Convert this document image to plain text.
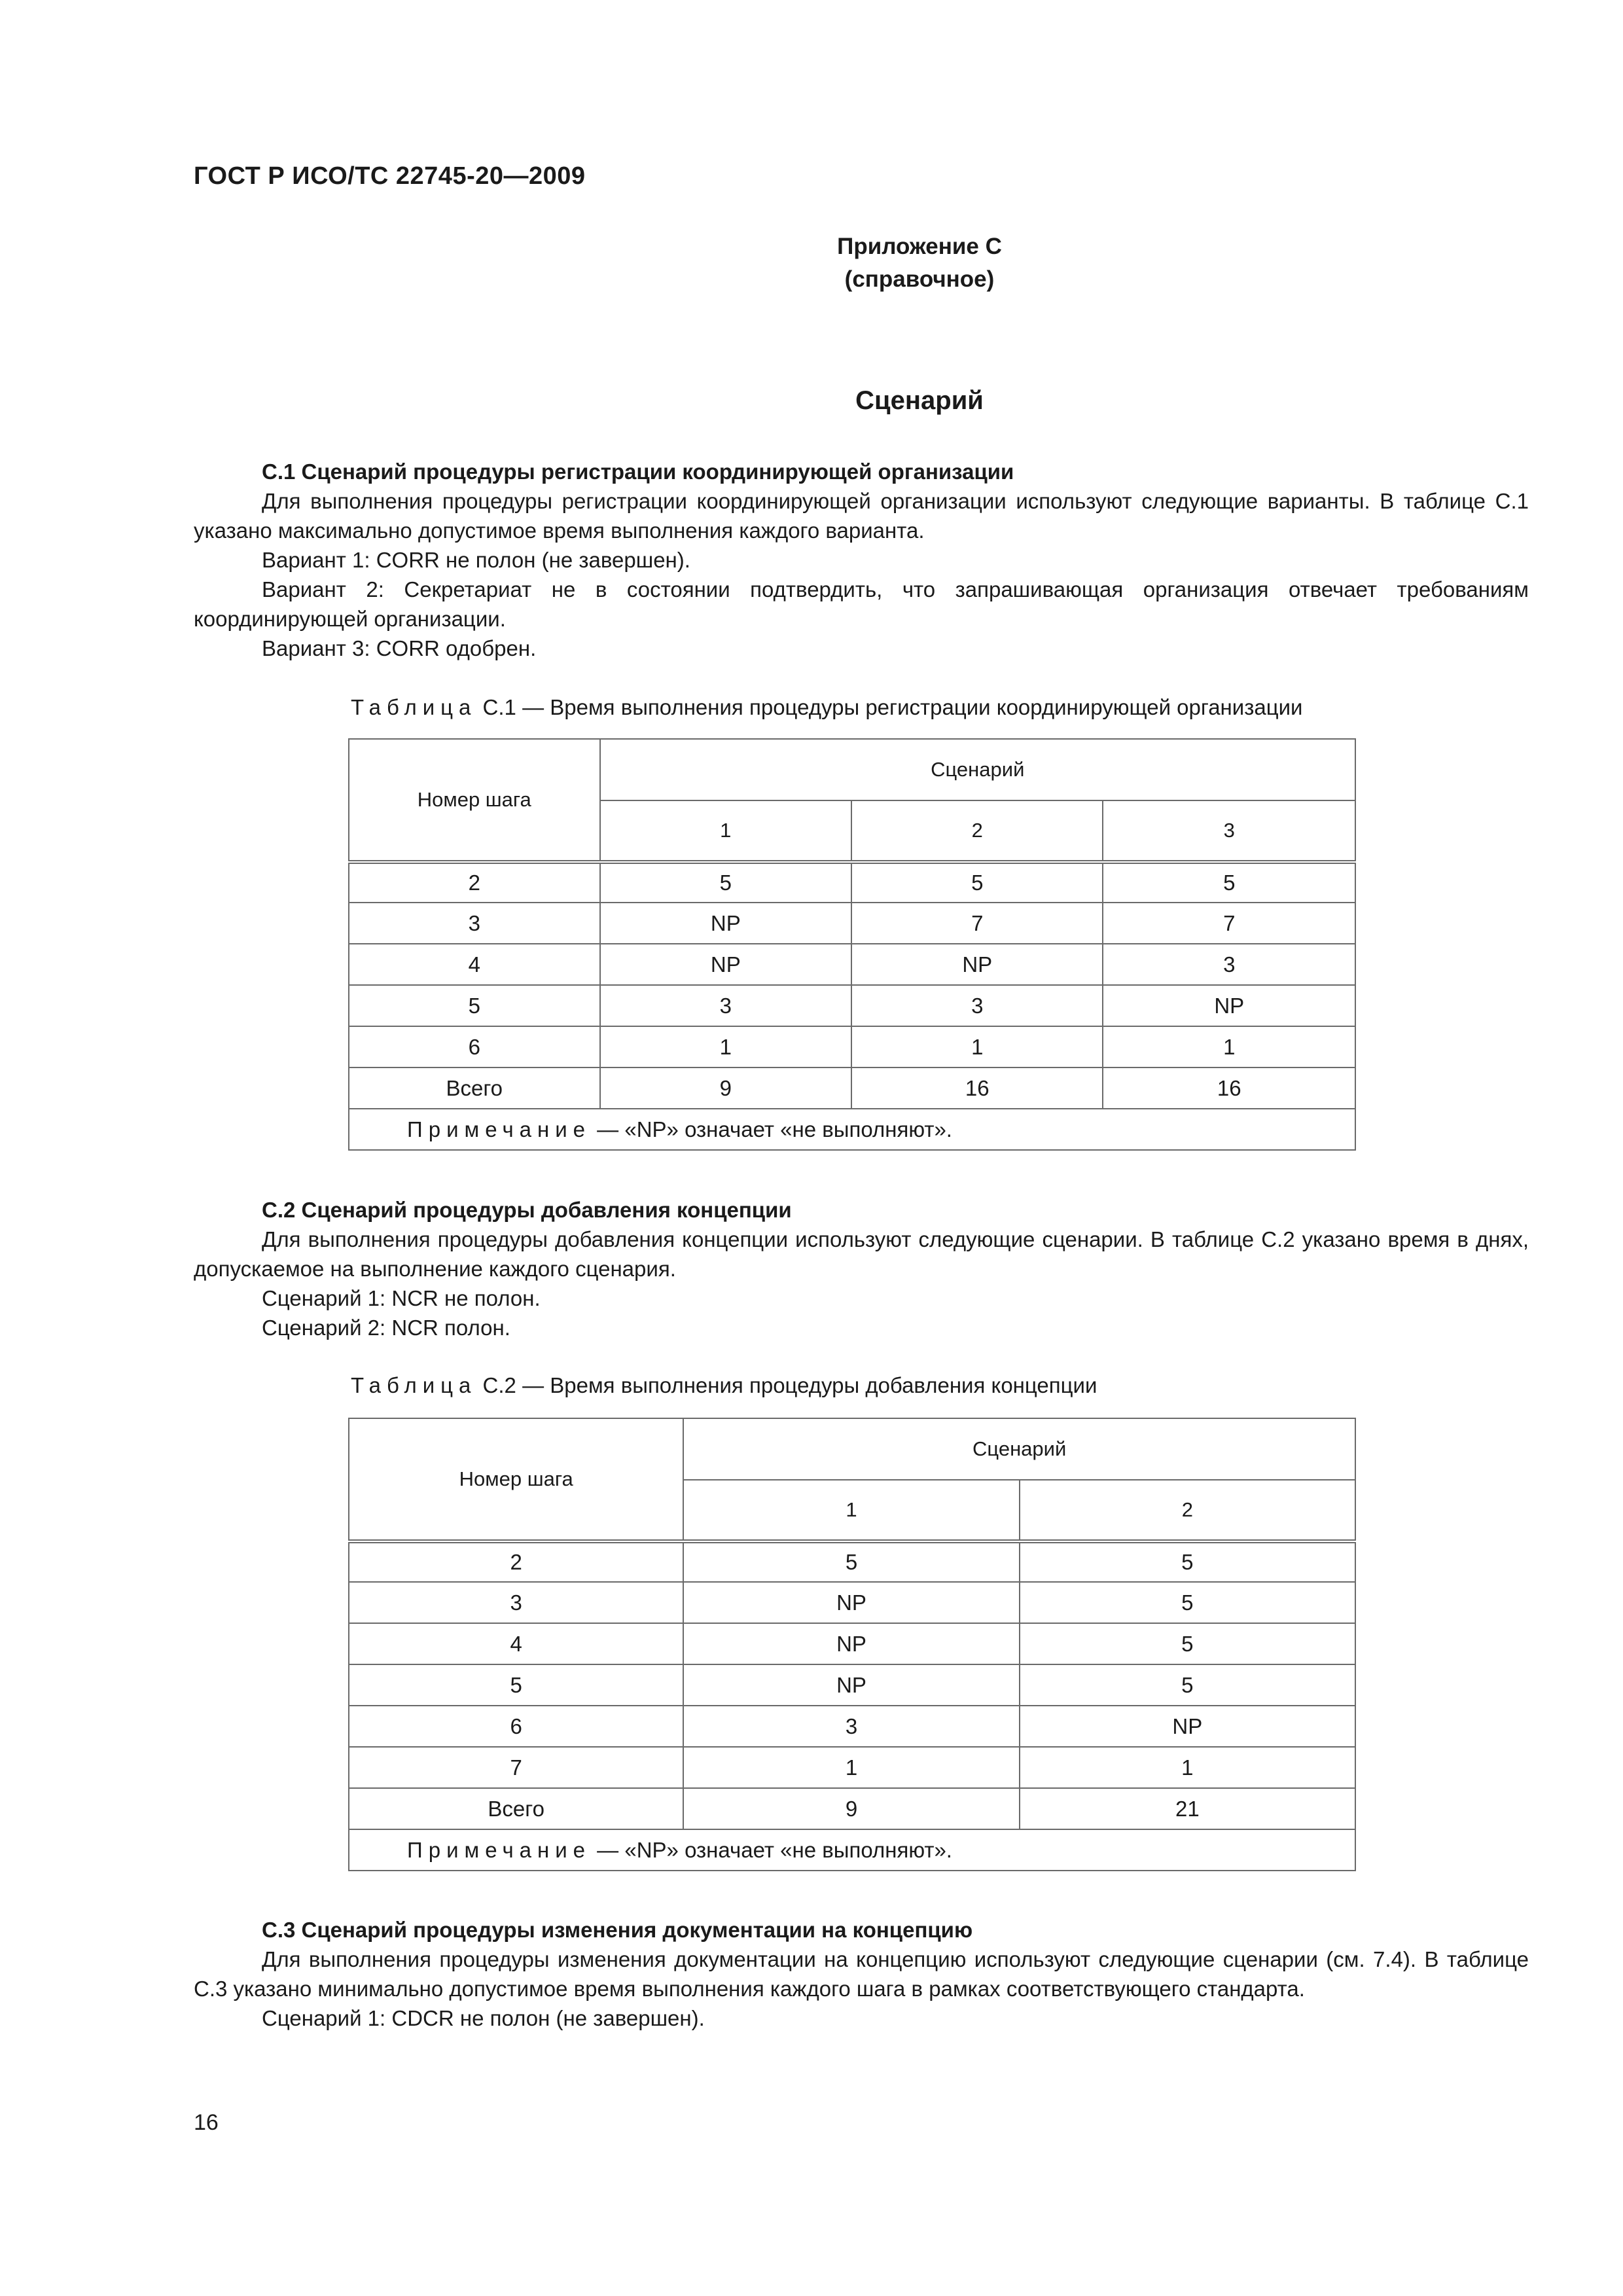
ГОСТ Р ИСО/ТС 22745-20—2009
Приложение С
(справочное)
Сценарий
С.1 Сценарий процедуры регистрации координирующей организации
Для выполнения процедуры регистрации координирующей организации используют следующие варианты. В таблице С.1 указано максимально допустимое время выполнения каждого варианта.
Вариант 1: CORR не полон (не завершен).
Вариант 2: Секретариат не в состоянии подтвердить, что запрашивающая организация отвечает требованиям координирующей организации.
Вариант 3: CORR одобрен.
Таблица С.1 — Время выполнения процедуры регистрации координирующей организации
Номер шага	Сценарий		
	1	2	3
2	5	5	5
3	NP	7	7
4	NP	NP	3
5	3	3	NP
6	1	1	1
Всего	9	16	16
Примечание — «NP» означает «не выполняют».			
С.2 Сценарий процедуры добавления концепции
Для выполнения процедуры добавления концепции используют следующие сценарии. В таблице С.2 указано время в днях, допускаемое на выполнение каждого сценария.
Сценарий 1: NCR не полон.
Сценарий 2: NCR полон.
Таблица С.2 — Время выполнения процедуры добавления концепции
Номер шага	Сценарий	
	1	2
2	5	5
3	NP	5
4	NP	5
5	NP	5
6	3	NP
7	1	1
Всего	9	21
Примечание — «NP» означает «не выполняют».		
С.3 Сценарий процедуры изменения документации на концепцию
Для выполнения процедуры изменения документации на концепцию используют следующие сценарии (см. 7.4). В таблице С.3 указано минимально допустимое время выполнения каждого шага в рамках соответствующего стандарта.
Сценарий 1: CDCR не полон (не завершен).
16
